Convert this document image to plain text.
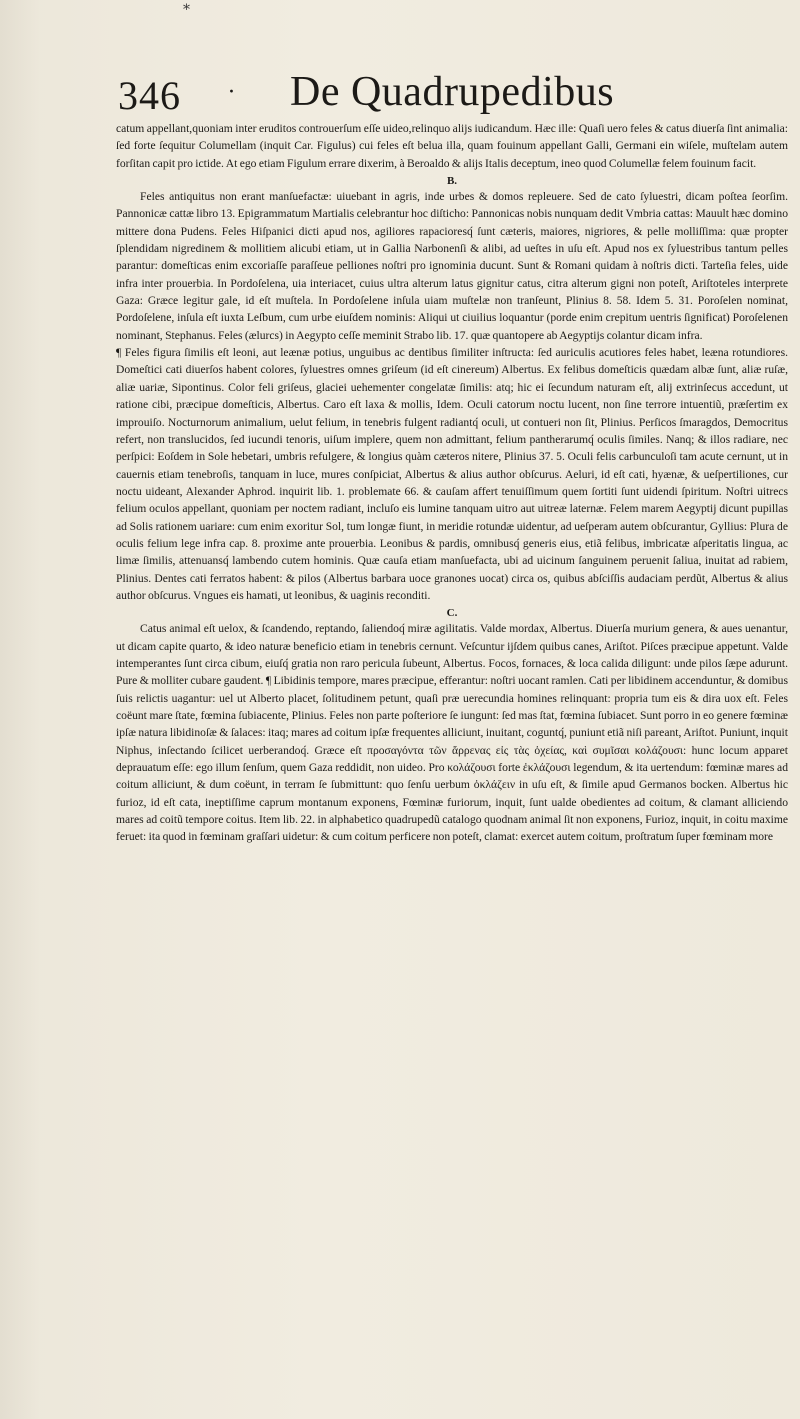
*
346 · De Quadrupedibus

catum appellant,quoniam inter eruditos controuerſum eſſe uideo,relinquo alijs iudicandum. Hæc ille: Quaſi uero feles & catus diuerſa ſint animalia: ſed forte ſequitur Columellam (inquit Car. Figulus) cui feles eſt belua illa, quam fouinum appellant Galli, Germani ein wiſele, muſtelam autem forſitan capit pro ictide. At ego etiam Figulum errare dixerim, à Beroaldo & alijs Italis deceptum, ineo quod Columellæ felem fouinum facit.

B.

Feles antiquitus non erant manſuefactæ: uiuebant in agris, inde urbes & domos repleuere. Sed de cato ſyluestri, dicam poſtea ſeorſim. Pannonicæ cattæ libro 13. Epigrammatum Martialis celebrantur hoc diſticho: Pannonicas nobis nunquam dedit Vmbria cattas: Mauult hæc domino mittere dona Pudens. Feles Hiſpanici dicti apud nos, agiliores rapacioresq́ ſunt cæteris, maiores, nigriores, & pelle molliſſima: quæ propter ſplendidam nigredinem & mollitiem alicubi etiam, ut in Gallia Narbonenſi & alibi, ad ueſtes in uſu eſt. Apud nos ex ſyluestribus tantum pelles parantur: domeſticas enim excoriaſſe paraſſeue pelliones noſtri pro ignominia ducunt. Sunt & Romani quidam à noſtris dicti. Tarteſia feles, uide infra inter prouerbia. In Pordoſelena, uia interiacet, cuius ultra alterum latus gignitur catus, citra alterum gigni non poteſt, Ariſtoteles interprete Gaza: Græce legitur gale, id eſt muſtela. In Pordoſelene inſula uiam muſtelæ non tranſeunt, Plinius 8. 58. Idem 5. 31. Poroſelen nominat, Pordoſelene, inſula eſt iuxta Leſbum, cum urbe eiuſdem nominis: Aliqui ut ciuilius loquantur (porde enim crepitum uentris ſignificat) Poroſelenen nominant, Stephanus. Feles (ælurcs) in Aegypto ceſſe meminit Strabo lib. 17. quæ quantopere ab Aegyptijs colantur dicam infra.

¶ Feles figura ſimilis eſt leoni, aut leænæ potius, unguibus ac dentibus ſimiliter inſtructa: ſed auriculis acutiores feles habet, leæna rotundiores. Domeſtici cati diuerſos habent colores, ſyluestres omnes griſeum (id eſt cinereum) Albertus. Ex felibus domeſticis quædam albæ ſunt, aliæ ruſæ, aliæ uariæ, Sipontinus. Color feli griſeus, glaciei uehementer congelatæ ſimilis: atq; hic ei ſecundum naturam eſt, alij extrinſecus accedunt, ut ratione cibi, præcipue domeſticis, Albertus. Caro eſt laxa & mollis, Idem. Oculi catorum noctu lucent, non ſine terrore intuentiũ, præſertim ex improuiſo. Nocturnorum animalium, uelut felium, in tenebris fulgent radiantq́ oculi, ut contueri non ſit, Plinius. Perſicos ſmaragdos, Democritus refert, non translucidos, ſed iucundi tenoris, uiſum implere, quem non admittant, felium pantherarumq́ oculis ſimiles. Nanq; & illos radiare, nec perſpici: Eoſdem in Sole hebetari, umbris refulgere, & longius quàm cæteros nitere, Plinius 37. 5. Oculi felis carbunculoſi tam acute cernunt, ut in cauernis etiam tenebroſis, tanquam in luce, mures conſpiciat, Albertus & alius author obſcurus. Aeluri, id eſt cati, hyænæ, & ueſpertiliones, cur noctu uideant, Alexander Aphrod. inquirit lib. 1. problemate 66. & cauſam affert tenuiſſimum quem ſortiti ſunt uidendi ſpiritum. Noſtri uitrecs felium oculos appellant, quoniam per noctem radiant, incluſo eis lumine tanquam uitro aut uitreæ laternæ. Felem marem Aegyptij dicunt pupillas ad Solis rationem uariare: cum enim exoritur Sol, tum longæ fiunt, in meridie rotundæ uidentur, ad ueſperam autem obſcurantur, Gyllius: Plura de oculis felium lege infra cap. 8. proxime ante prouerbia. Leonibus & pardis, omnibusq́ generis eius, etiã felibus, imbricatæ aſperitatis lingua, ac limæ ſimilis, attenuansq́ lambendo cutem hominis. Quæ cauſa etiam manſuefacta, ubi ad uicinum ſanguinem peruenit ſaliua, inuitat ad rabiem, Plinius. Dentes cati ferratos habent: & pilos (Albertus barbara uoce granones uocat) circa os, quibus abſciſſis audaciam perdũt, Albertus & alius author obſcurus. Vngues eis hamati, ut leonibus, & uaginis reconditi.

C.

Catus animal eſt uelox, & ſcandendo, reptando, ſaliendoq́ miræ agilitatis. Valde mordax, Albertus. Diuerſa murium genera, & aues uenantur, ut dicam capite quarto, & ideo naturæ beneficio etiam in tenebris cernunt. Veſcuntur ijſdem quibus canes, Ariſtot. Piſces præcipue appetunt. Valde intemperantes ſunt circa cibum, eiuſq́ gratia non raro pericula ſubeunt, Albertus. Focos, fornaces, & loca calida diligunt: unde pilos ſæpe adurunt. Pure & molliter cubare gaudent. ¶ Libidinis tempore, mares præcipue, efferantur: noſtri uocant ramlen. Cati per libidinem accenduntur, & domibus ſuis relictis uagantur: uel ut Alberto placet, ſolitudinem petunt, quaſi præ uerecundia homines relinquant: propria tum eis & dira uox eſt. Feles coëunt mare ſtate, fœmina ſubiacente, Plinius. Feles non parte poſteriore ſe iungunt: ſed mas ſtat, fœmina ſubiacet. Sunt porro in eo genere fœminæ ipſæ natura libidinoſæ & ſalaces: itaq; mares ad coitum ipſæ frequentes alliciunt, inuitant, coguntq́, puniunt etiã niſi pareant, Ariſtot. Puniunt, inquit Niphus, inſectando ſcilicet uerberandoq́. Græce eſt προσαγόντα τῶν ἄρρενας εἰς τὰς ὀχείας, καὶ συμῖσαι κολάζουσι: hunc locum apparet deprauatum eſſe: ego illum ſenſum, quem Gaza reddidit, non uideo. Pro κολάζουσι forte ἐκλάζουσι legendum, & ita uertendum: fœminæ mares ad coitum alliciunt, & dum coëunt, in terram ſe ſubmittunt: quo ſenſu uerbum ὀκλάζειν in uſu eſt, & ſimile apud Germanos bocken. Albertus hic furioz, id eſt cata, ineptiſſime caprum montanum exponens, Fœminæ furiorum, inquit, ſunt ualde obedientes ad coitum, & clamant alliciendo mares ad coitũ tempore coitus. Item lib. 22. in alphabetico quadrupedũ catalogo quodnam animal ſit non exponens, Furioz, inquit, in coitu maxime feruet: ita quod in fœminam graſſari uidetur: & cum coitum perficere non poteſt, clamat: exercet autem coitum, proſtratum ſuper fœminam more
